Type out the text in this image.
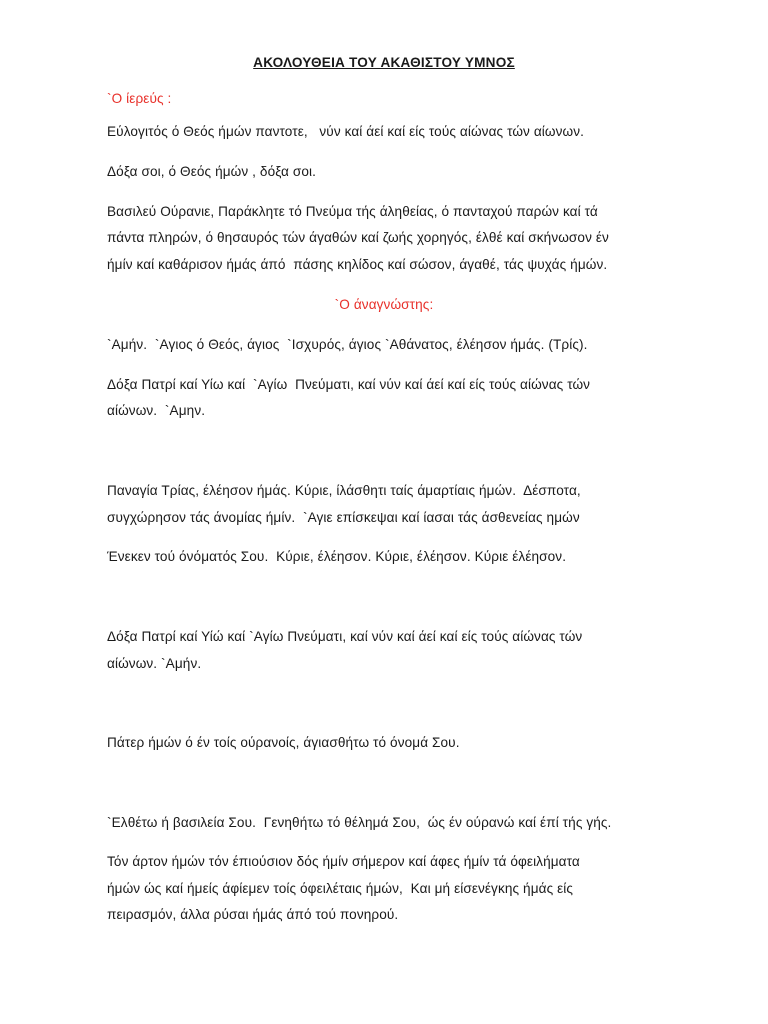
ΑΚΟΛΟΥΘΕΙΑ ΤΟΥ ΑΚΑΘΙΣΤΟΥ ΥΜΝΟΣ
`Ο ίερεύς :
Εύλογιτός ό Θεός ήμών παντοτε,   νύν καί άεί καί είς τούς αίώνας τών αίωνων.
Δόξα σοι, ό Θεός ήμών , δόξα σοι.
Βασιλεύ Ούρανιε, Παράκλητε τό Πνεύμα τής άληθείας, ό πανταχού παρών καί τά
πάντα πληρών, ό θησαυρός τών άγαθών καί ζωής χορηγός, έλθέ καί σκήνωσον έν
ήμίν καί καθάρισον ήμάς άπό  πάσης κηλίδος καί σώσον, άγαθέ, τάς ψυχάς ήμών.
`Ο άναγνώστης:
`Αμήν.  `Αγιος ό Θεός, άγιος  `Ισχυρός, άγιος `Αθάνατος, έλέησον ήμάς. (Τρίς).
Δόξα Πατρί καί Υίω καί  `Αγίω  Πνεύματι, καί νύν καί άεί καί είς τούς αίώνας τών
αίώνων.  `Αμην.
Παναγία Τρίας, έλέησον ήμάς. Κύριε, ίλάσθητι ταίς άμαρτίαις ήμών.  Δέσποτα,
συγχώρησον τάς άνομίας ήμίν.  `Αγιε επίσκεψαι καί ίασαι τάς άσθενείας ημών
Ένεκεν τού όνόματός Σου.  Κύριε, έλέησον. Κύριε, έλέησον. Κύριε έλέησον.
Δόξα Πατρί καί Υίώ καί `Αγίω Πνεύματι, καί νύν καί άεί καί είς τούς αίώνας τών
αίώνων. `Αμήν.
Πάτερ ήμών ό έν τοίς ούρανοίς, άγιασθήτω τό όνομά Σου.
`Ελθέτω ή βασιλεία Σου.  Γενηθήτω τό θέλημά Σου,  ώς έν ούρανώ καί έπί τής γής.
Τόν άρτον ήμών τόν έπιούσιον δός ήμίν σήμερον καί άφες ήμίν τά όφειλήματα
ήμών ώς καί ήμείς άφίεμεν τοίς όφειλέταις ήμών,  Και μή είσενέγκης ήμάς είς
πειρασμόν, άλλα ρύσαι ήμάς άπό τού πονηρού.
